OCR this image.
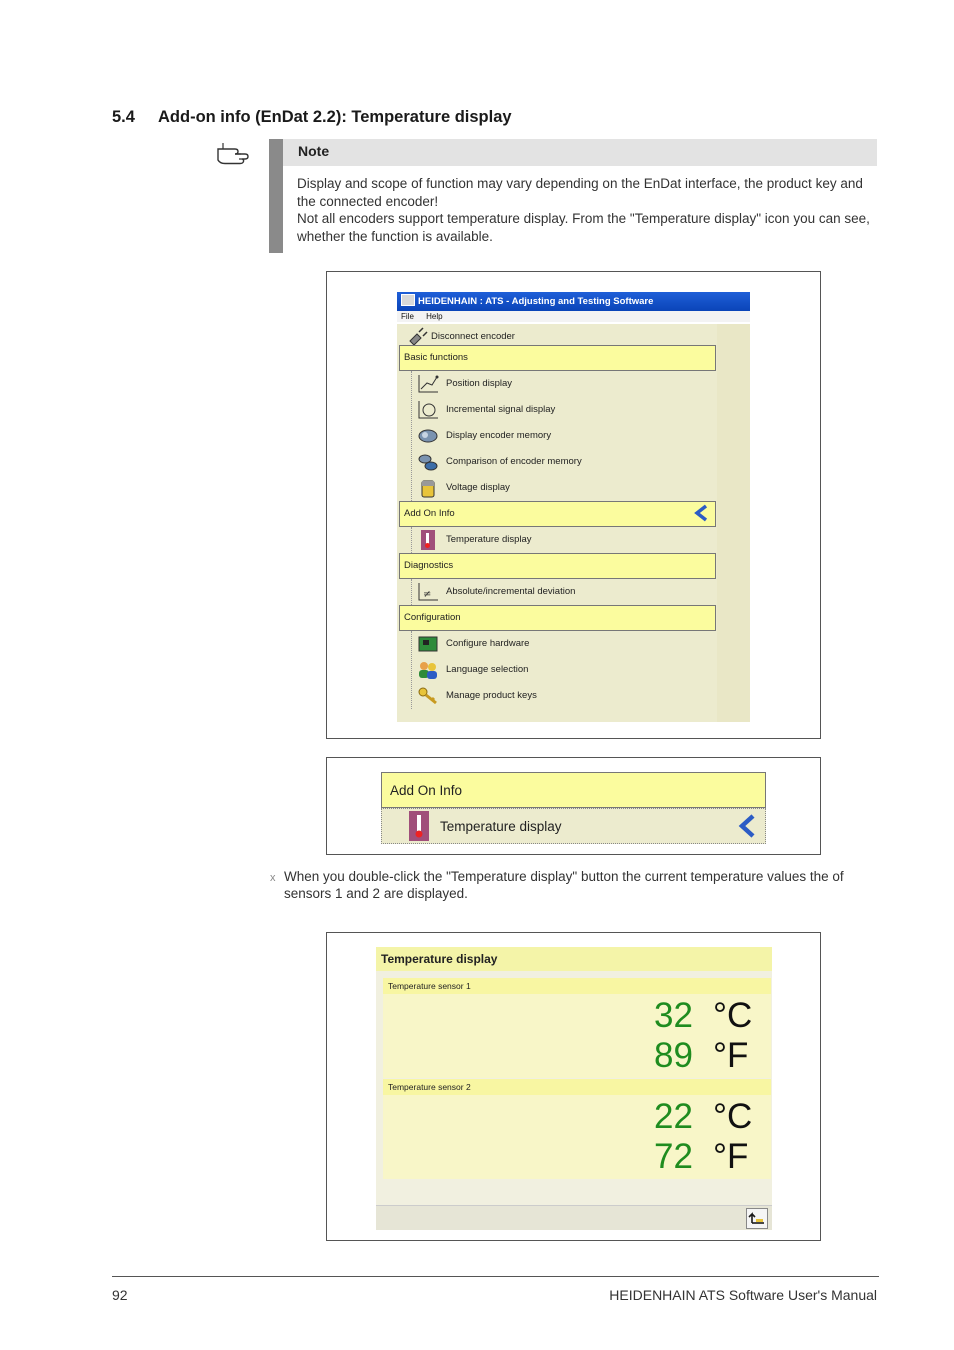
5.4 Add-on info (EnDat 2.2): Temperature display
Note

Display and scope of function may vary depending on the EnDat interface, the product key and the connected encoder!

Not all encoders support temperature display. From the "Temperature display" icon you can see, whether the function is available.

HEIDENHAIN : ATS - Adjusting and Testing Software
File Help
Disconnect encoder
Basic functions
Position display
Incremental signal display
Display encoder memory
Comparison of encoder memory
Voltage display
Add On Info
Temperature display
Diagnostics
≠ Absolute/incremental deviation
Configuration
Configure hardware
Language selection
Manage product keys
Add On Info
Temperature display
x When you double-click the "Temperature display" button the current temperature values the of sensors 1 and 2 are displayed.
Temperature display
Temperature sensor 1
32 °C
89 °F
Temperature sensor 2
22 °C
72 °F
92	HEIDENHAIN ATS Software User's Manual
